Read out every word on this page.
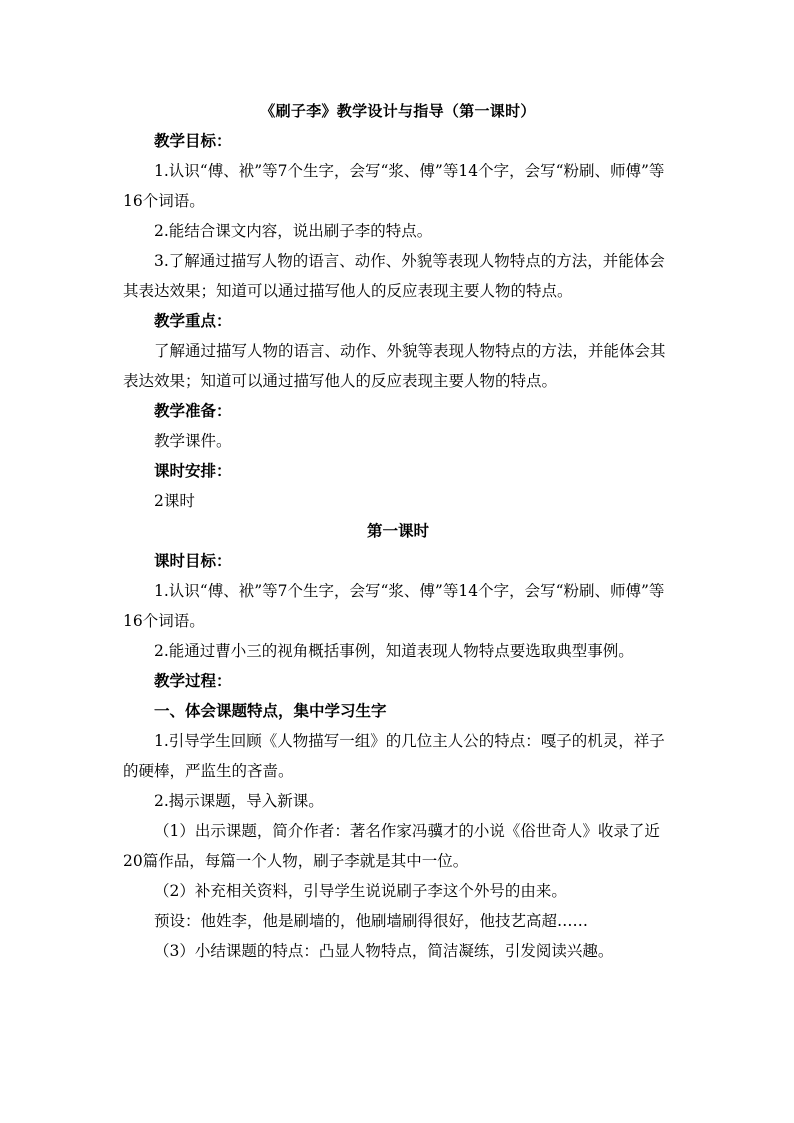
《刷子李》教学设计与指导（第一课时）

教学目标：

1.认识“傅、袱”等7个生字，会写“浆、傅”等14个字，会写“粉刷、师傅”等16个词语。

2.能结合课文内容，说出刷子李的特点。

3.了解通过描写人物的语言、动作、外貌等表现人物特点的方法，并能体会其表达效果；知道可以通过描写他人的反应表现主要人物的特点。

教学重点：

了解通过描写人物的语言、动作、外貌等表现人物特点的方法，并能体会其表达效果；知道可以通过描写他人的反应表现主要人物的特点。

教学准备：

教学课件。

课时安排：

2课时

第一课时

课时目标：

1.认识“傅、袱”等7个生字，会写“浆、傅”等14个字，会写“粉刷、师傅”等16个词语。

2.能通过曹小三的视角概括事例，知道表现人物特点要选取典型事例。

教学过程：

一、体会课题特点，集中学习生字

1.引导学生回顾《人物描写一组》的几位主人公的特点：嘎子的机灵，祥子的硬棒，严监生的吝啬。

2.揭示课题，导入新课。

（1）出示课题，简介作者：著名作家冯骥才的小说《俗世奇人》收录了近20篇作品，每篇一个人物，刷子李就是其中一位。

（2）补充相关资料，引导学生说说刷子李这个外号的由来。

预设：他姓李，他是刷墙的，他刷墙刷得很好，他技艺高超……

（3）小结课题的特点：凸显人物特点，简洁凝练，引发阅读兴趣。
